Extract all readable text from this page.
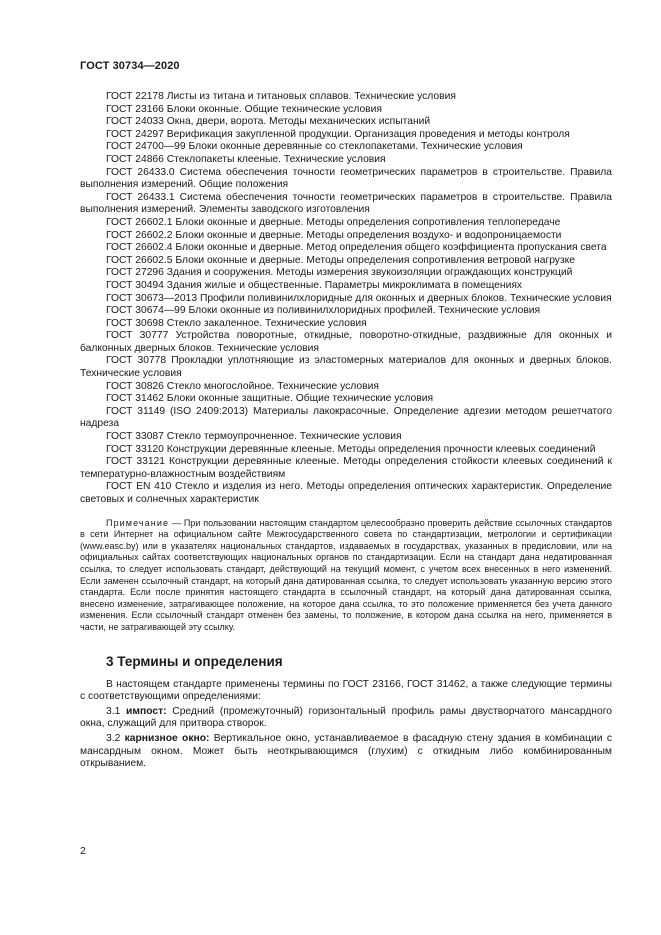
ГОСТ 30734—2020
ГОСТ 22178 Листы из титана и титановых сплавов. Технические условия
ГОСТ 23166 Блоки оконные. Общие технические условия
ГОСТ 24033 Окна, двери, ворота. Методы механических испытаний
ГОСТ 24297 Верификация закупленной продукции. Организация проведения и методы контроля
ГОСТ 24700—99 Блоки оконные деревянные со стеклопакетами. Технические условия
ГОСТ 24866 Стеклопакеты клееные. Технические условия
ГОСТ 26433.0 Система обеспечения точности геометрических параметров в строительстве. Правила выполнения измерений. Общие положения
ГОСТ 26433.1 Система обеспечения точности геометрических параметров в строительстве. Правила выполнения измерений. Элементы заводского изготовления
ГОСТ 26602.1 Блоки оконные и дверные. Методы определения сопротивления теплопередаче
ГОСТ 26602.2 Блоки оконные и дверные. Методы определения воздухо- и водопроницаемости
ГОСТ 26602.4 Блоки оконные и дверные. Метод определения общего коэффициента пропускания света
ГОСТ 26602.5 Блоки оконные и дверные. Методы определения сопротивления ветровой нагрузке
ГОСТ 27296 Здания и сооружения. Методы измерения звукоизоляции ограждающих конструкций
ГОСТ 30494 Здания жилые и общественные. Параметры микроклимата в помещениях
ГОСТ 30673—2013 Профили поливинилхлоридные для оконных и дверных блоков. Технические условия
ГОСТ 30674—99 Блоки оконные из поливинилхлоридных профилей. Технические условия
ГОСТ 30698 Стекло закаленное. Технические условия
ГОСТ 30777 Устройства поворотные, откидные, поворотно-откидные, раздвижные для оконных и балконных дверных блоков. Технические условия
ГОСТ 30778 Прокладки уплотняющие из эластомерных материалов для оконных и дверных блоков. Технические условия
ГОСТ 30826 Стекло многослойное. Технические условия
ГОСТ 31462 Блоки оконные защитные. Общие технические условия
ГОСТ 31149 (ISO 2409:2013) Материалы лакокрасочные. Определение адгезии методом решетчатого надреза
ГОСТ 33087 Стекло термоупрочненное. Технические условия
ГОСТ 33120 Конструкции деревянные клееные. Методы определения прочности клеевых соединений
ГОСТ 33121 Конструкции деревянные клееные. Методы определения стойкости клеевых соединений к температурно-влажностным воздействиям
ГОСТ EN 410 Стекло и изделия из него. Методы определения оптических характеристик. Определение световых и солнечных характеристик

Примечание — При пользовании настоящим стандартом целесообразно проверить действие ссылочных стандартов в сети Интернет на официальном сайте Межгосударственного совета по стандартизации, метрологии и сертификации (www.easc.by) или в указателях национальных стандартов, издаваемых в государствах, указанных в предисловии, или на официальных сайтах соответствующих национальных органов по стандартизации. Если на стандарт дана недатированная ссылка, то следует использовать стандарт, действующий на текущий момент, с учетом всех внесенных в него изменений. Если заменен ссылочный стандарт, на который дана датированная ссылка, то следует использовать указанную версию этого стандарта. Если после принятия настоящего стандарта в ссылочный стандарт, на который дана датированная ссылка, внесено изменение, затрагивающее положение, на которое дана ссылка, то это положение применяется без учета данного изменения. Если ссылочный стандарт отменен без замены, то положение, в котором дана ссылка на него, применяется в части, не затрагивающей эту ссылку.

3 Термины и определения

В настоящем стандарте применены термины по ГОСТ 23166, ГОСТ 31462, а также следующие термины с соответствующими определениями:

3.1 импост: Средний (промежуточный) горизонтальный профиль рамы двустворчатого мансардного окна, служащий для притвора створок.

3.2 карнизное окно: Вертикальное окно, устанавливаемое в фасадную стену здания в комбинации с мансардным окном. Может быть неоткрывающимся (глухим) с откидным либо комбинированным открыванием.

2
